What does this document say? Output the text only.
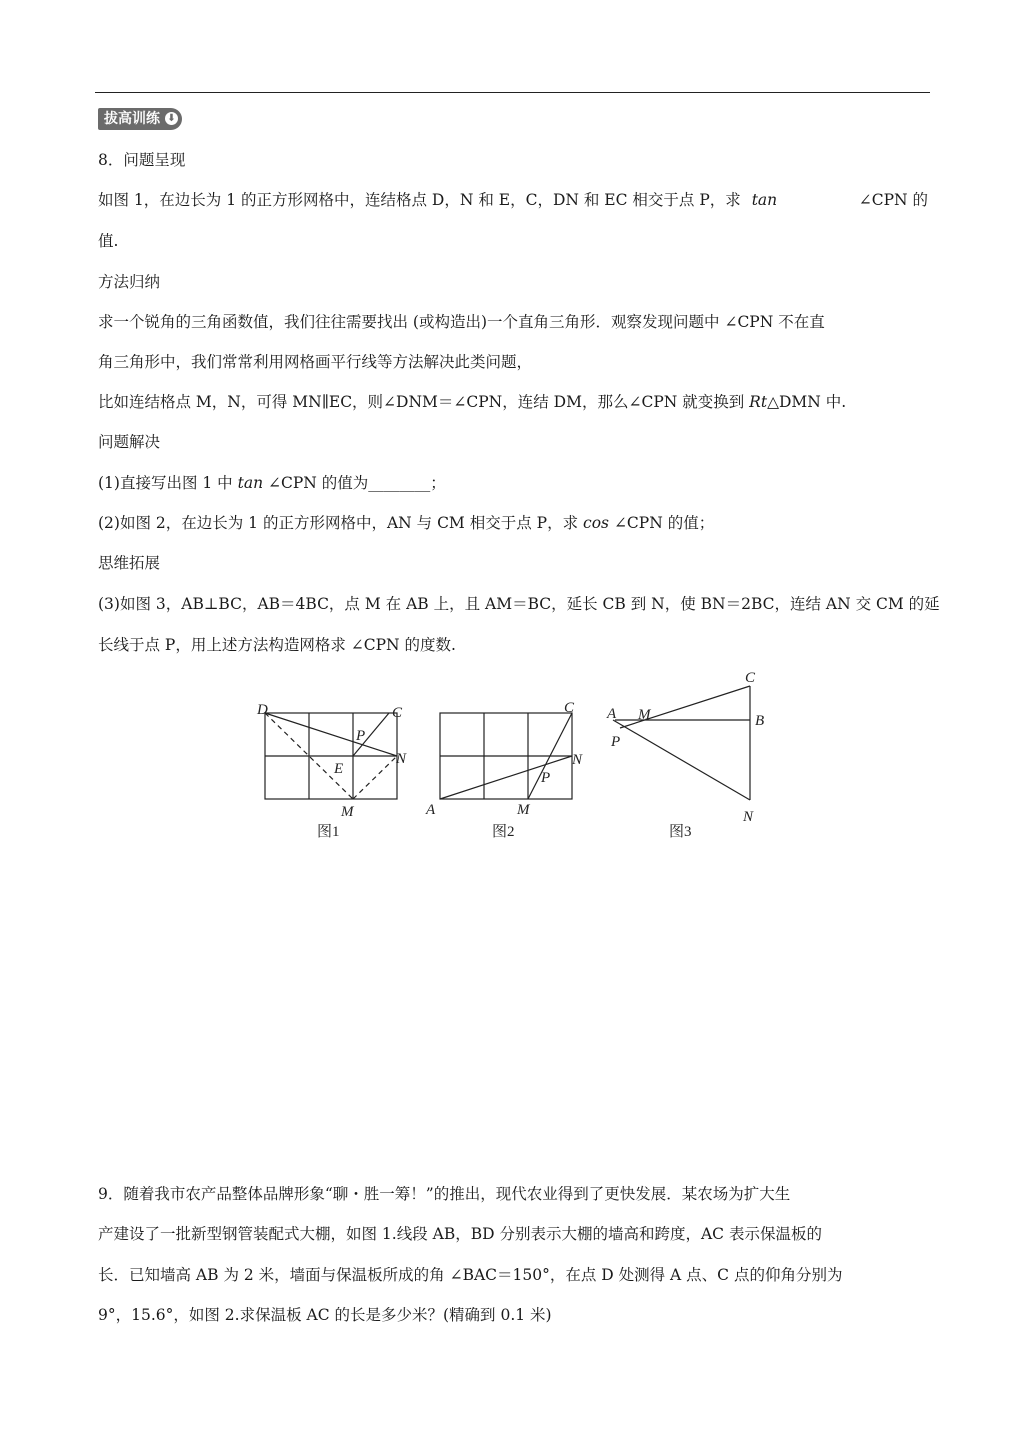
拔高训练 ⬇
8．问题呈现
如图 1，在边长为 1 的正方形网格中，连结格点 D，N 和 E，C，DN 和 EC 相交于点 P，求 tan	∠CPN 的
值.
方法归纳
求一个锐角的三角函数值，我们往往需要找出 (或构造出)一个直角三角形．观察发现问题中 ∠CPN 不在直
角三角形中，我们常常利用网格画平行线等方法解决此类问题，
比如连结格点 M，N，可得 MN∥EC，则∠DNM＝∠CPN，连结 DM，那么∠CPN 就变换到 Rt△DMN 中.
问题解决
(1)直接写出图 1 中 tan ∠CPN 的值为________；
(2)如图 2，在边长为 1 的正方形网格中，AN 与 CM 相交于点 P，求 cos ∠CPN 的值；
思维拓展
(3)如图 3，AB⊥BC，AB＝4BC，点 M 在 AB 上，且 AM＝BC，延长 CB 到 N，使 BN＝2BC，连结 AN 交 CM 的延
长线于点 P，用上述方法构造网格求 ∠CPN 的度数.
D	C
P
E
N
M
图1
C
N
P
A	M
图2
C
A M	B
P
N
图3
9．随着我市农产品整体品牌形象“聊・胜一筹！”的推出，现代农业得到了更快发展．某农场为扩大生
产建设了一批新型钢管装配式大棚，如图 1.线段 AB，BD 分别表示大棚的墙高和跨度，AC 表示保温板的
长．已知墙高 AB 为 2 米，墙面与保温板所成的角 ∠BAC＝150°，在点 D 处测得 A 点、C 点的仰角分别为
9°，15.6°，如图 2.求保温板 AC 的长是多少米？(精确到 0.1 米)
